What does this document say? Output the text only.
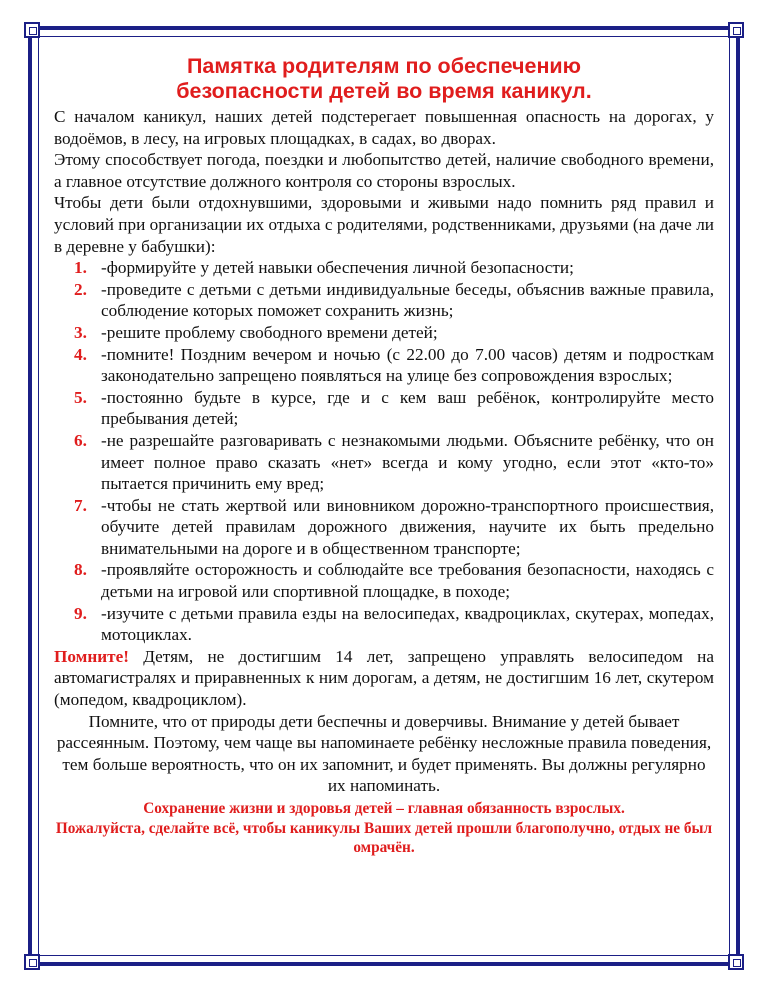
Памятка родителям по обеспечению
безопасности детей во время каникул.

С началом каникул, наших детей подстерегает повышенная опасность на дорогах, у водоёмов, в лесу, на игровых площадках, в садах, во дворах.

Этому способствует погода, поездки и любопытство детей, наличие свободного времени, а главное отсутствие должного контроля со стороны взрослых.

Чтобы дети были отдохнувшими, здоровыми и живыми надо помнить ряд правил и условий при организации их отдыха с родителями, родственниками, друзьями (на даче ли в деревне у бабушки):

1. -формируйте у детей навыки обеспечения личной безопасности;
2. -проведите с детьми с детьми индивидуальные беседы, объяснив важные правила, соблюдение которых поможет сохранить жизнь;
3. -решите проблему свободного времени детей;
4. -помните! Поздним вечером и ночью (с 22.00 до 7.00 часов) детям и подросткам законодательно запрещено появляться на улице без сопровождения взрослых;
5. -постоянно будьте в курсе, где и с кем ваш ребёнок, контролируйте место пребывания детей;
6. -не разрешайте разговаривать с незнакомыми людьми. Объясните ребёнку, что он имеет полное право сказать «нет» всегда и кому угодно, если этот «кто-то» пытается причинить ему вред;
7. -чтобы не стать жертвой или виновником дорожно-транспортного происшествия, обучите детей правилам дорожного движения, научите их быть предельно внимательными на дороге и в общественном транспорте;
8. -проявляйте осторожность и соблюдайте все требования безопасности, находясь с детьми на игровой или спортивной площадке, в походе;
9. -изучите с детьми правила езды на велосипедах, квадроциклах, скутерах, мопедах, мотоциклах.

Помните! Детям, не достигшим 14 лет, запрещено управлять велосипедом на автомагистралях и приравненных к ним дорогам, а детям, не достигшим 16 лет, скутером (мопедом, квадроциклом).

Помните, что от природы дети беспечны и доверчивы. Внимание у детей бывает рассеянным. Поэтому, чем чаще вы напоминаете ребёнку несложные правила поведения, тем больше вероятность, что он их запомнит, и будет применять. Вы должны регулярно их напоминать.

Сохранение жизни и здоровья детей – главная обязанность взрослых.
Пожалуйста, сделайте всё, чтобы каникулы Ваших детей прошли благополучно, отдых не был омрачён.
